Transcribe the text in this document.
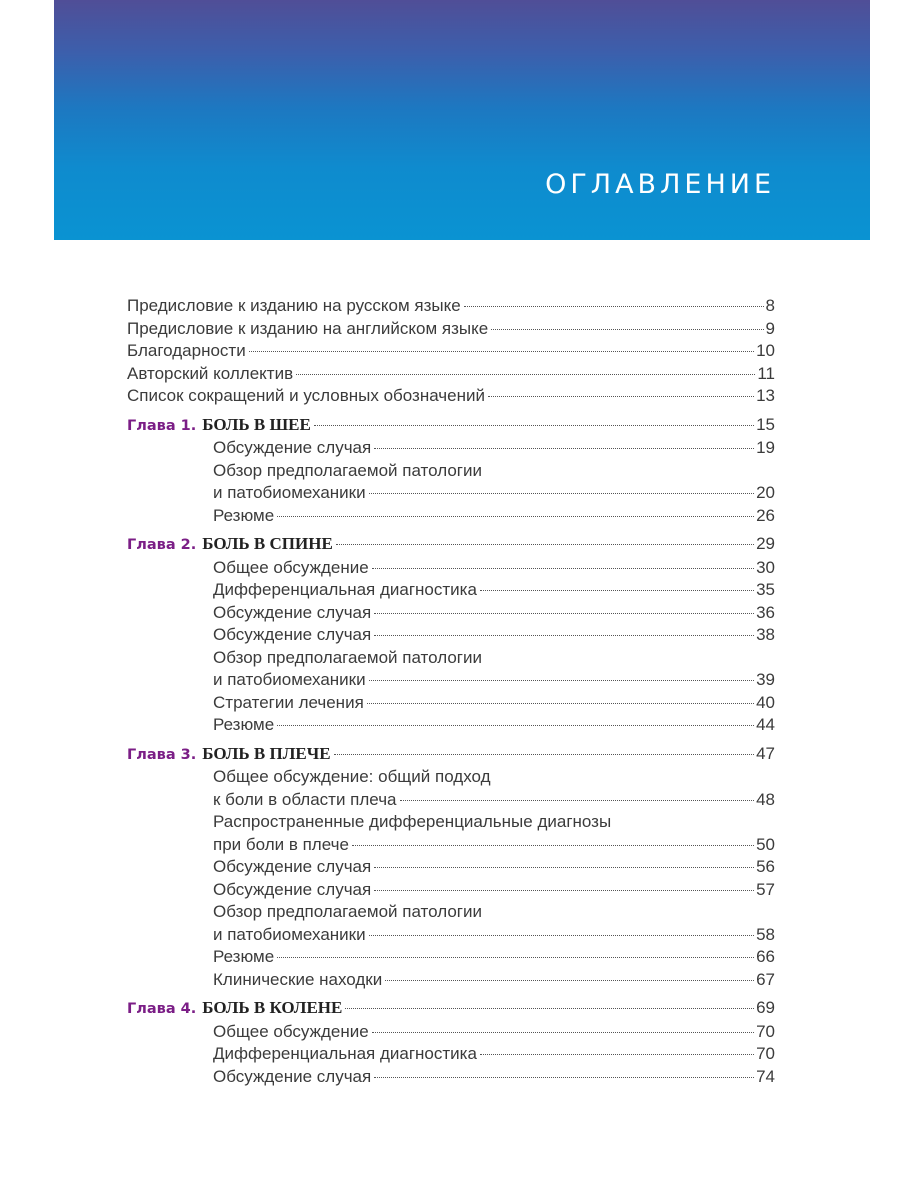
ОГЛАВЛЕНИЕ
Предисловие к изданию на русском языке	8
Предисловие к изданию на английском языке	9
Благодарности	10
Авторский коллектив	11
Список сокращений и условных обозначений	13
Глава 1. БОЛЬ В ШЕЕ	15
Обсуждение случая	19
Обзор предполагаемой патологии
и патобиомеханики	20
Резюме	26
Глава 2. БОЛЬ В СПИНЕ	29
Общее обсуждение	30
Дифференциальная диагностика	35
Обсуждение случая	36
Обсуждение случая	38
Обзор предполагаемой патологии
и патобиомеханики	39
Стратегии лечения	40
Резюме	44
Глава 3. БОЛЬ В ПЛЕЧЕ	47
Общее обсуждение: общий подход
к боли в области плеча	48
Распространенные дифференциальные диагнозы
при боли в плече	50
Обсуждение случая	56
Обсуждение случая	57
Обзор предполагаемой патологии
и патобиомеханики	58
Резюме	66
Клинические находки	67
Глава 4. БОЛЬ В КОЛЕНЕ	69
Общее обсуждение	70
Дифференциальная диагностика	70
Обсуждение случая	74
